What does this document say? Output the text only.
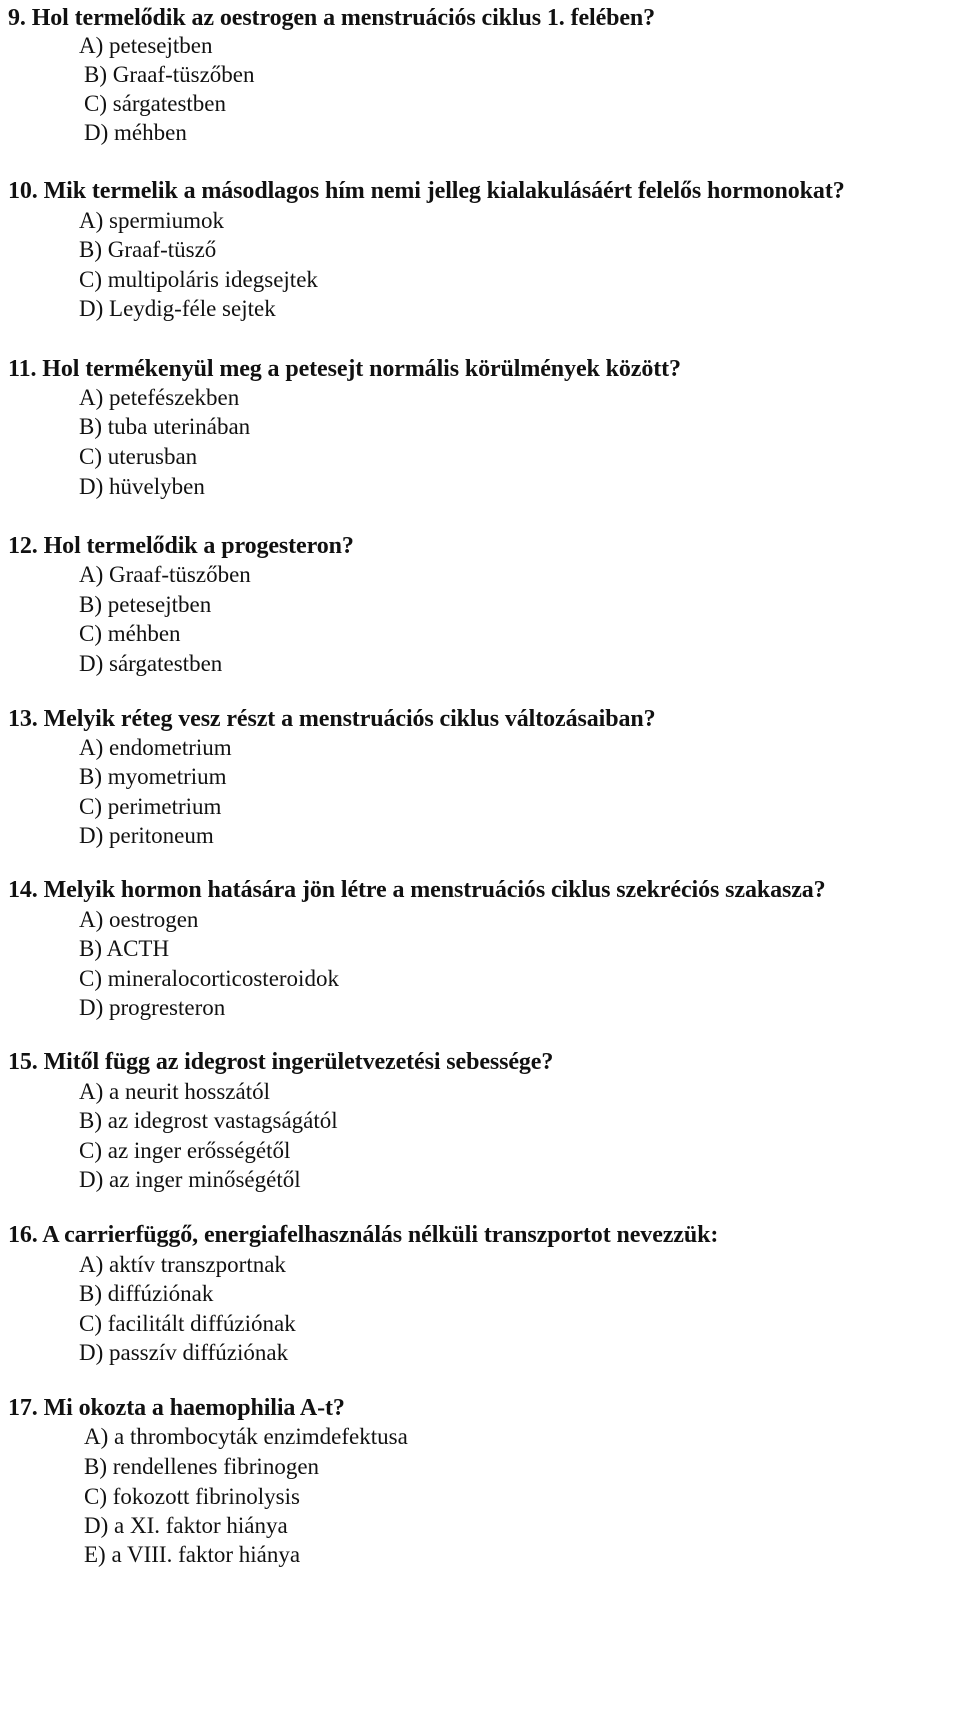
9. Hol termelődik az oestrogen a menstruációs ciklus 1. felében?
A) petesejtben
B) Graaf-tüszőben
C) sárgatestben
D) méhben
10. Mik termelik a másodlagos hím nemi jelleg kialakulásáért felelős hormonokat?
A) spermiumok
B) Graaf-tüsző
C) multipoláris idegsejtek
D) Leydig-féle sejtek
11. Hol termékenyül meg a petesejt normális körülmények között?
A) petefészekben
B) tuba uterinában
C) uterusban
D) hüvelyben
12. Hol termelődik a progesteron?
A) Graaf-tüszőben
B) petesejtben
C) méhben
D) sárgatestben
13. Melyik réteg vesz részt a menstruációs ciklus változásaiban?
A) endometrium
B) myometrium
C) perimetrium
D) peritoneum
14. Melyik hormon hatására jön létre a menstruációs ciklus szekréciós szakasza?
A) oestrogen
B) ACTH
C) mineralocorticosteroidok
D) progresteron
15. Mitől függ az idegrost ingerületvezetési sebessége?
A) a neurit hosszától
B) az idegrost vastagságától
C) az inger erősségétől
D) az inger minőségétől
16. A carrierfüggő, energiafelhasználás nélküli transzportot nevezzük:
A) aktív transzportnak
B) diffúziónak
C) facilitált diffúziónak
D) passzív diffúziónak
17. Mi okozta a haemophilia A-t?
A) a thrombocyták enzimdefektusa
B) rendellenes fibrinogen
C) fokozott fibrinolysis
D) a XI. faktor hiánya
E) a VIII. faktor hiánya
